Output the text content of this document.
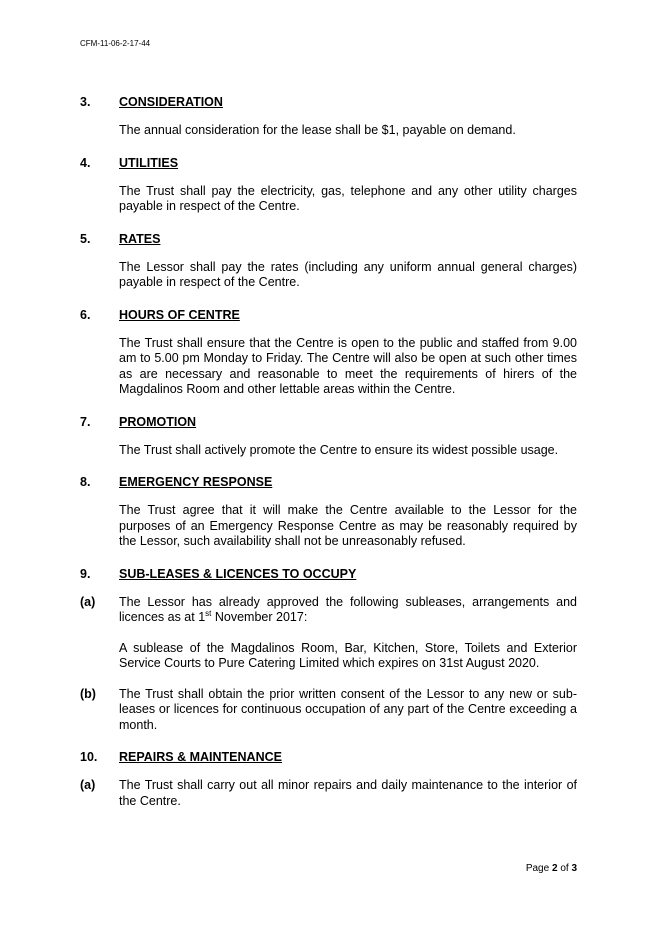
CFM-11-06-2-17-44
3.	CONSIDERATION
The annual consideration for the lease shall be $1, payable on demand.
4.	UTILITIES
The Trust shall pay the electricity, gas, telephone and any other utility charges payable in respect of the Centre.
5.	RATES
The Lessor shall pay the rates (including any uniform annual general charges) payable in respect of the Centre.
6.	HOURS OF CENTRE
The Trust shall ensure that the Centre is open to the public and staffed from 9.00 am to 5.00 pm Monday to Friday. The Centre will also be open at such other times as are necessary and reasonable to meet the requirements of hirers of the Magdalinos Room and other lettable areas within the Centre.
7.	PROMOTION
The Trust shall actively promote the Centre to ensure its widest possible usage.
8.	EMERGENCY RESPONSE
The Trust agree that it will make the Centre available to the Lessor for the purposes of an Emergency Response Centre as may be reasonably required by the Lessor, such availability shall not be unreasonably refused.
9.	SUB-LEASES & LICENCES TO OCCUPY
(a)	The Lessor has already approved the following subleases, arrangements and licences as at 1st November 2017:
A sublease of the Magdalinos Room, Bar, Kitchen, Store, Toilets and Exterior Service Courts to Pure Catering Limited which expires on 31st August 2020.
(b)	The Trust shall obtain the prior written consent of the Lessor to any new or sub-leases or licences for continuous occupation of any part of the Centre exceeding a month.
10.	REPAIRS & MAINTENANCE
(a)	The Trust shall carry out all minor repairs and daily maintenance to the interior of the Centre.
Page 2 of 3
